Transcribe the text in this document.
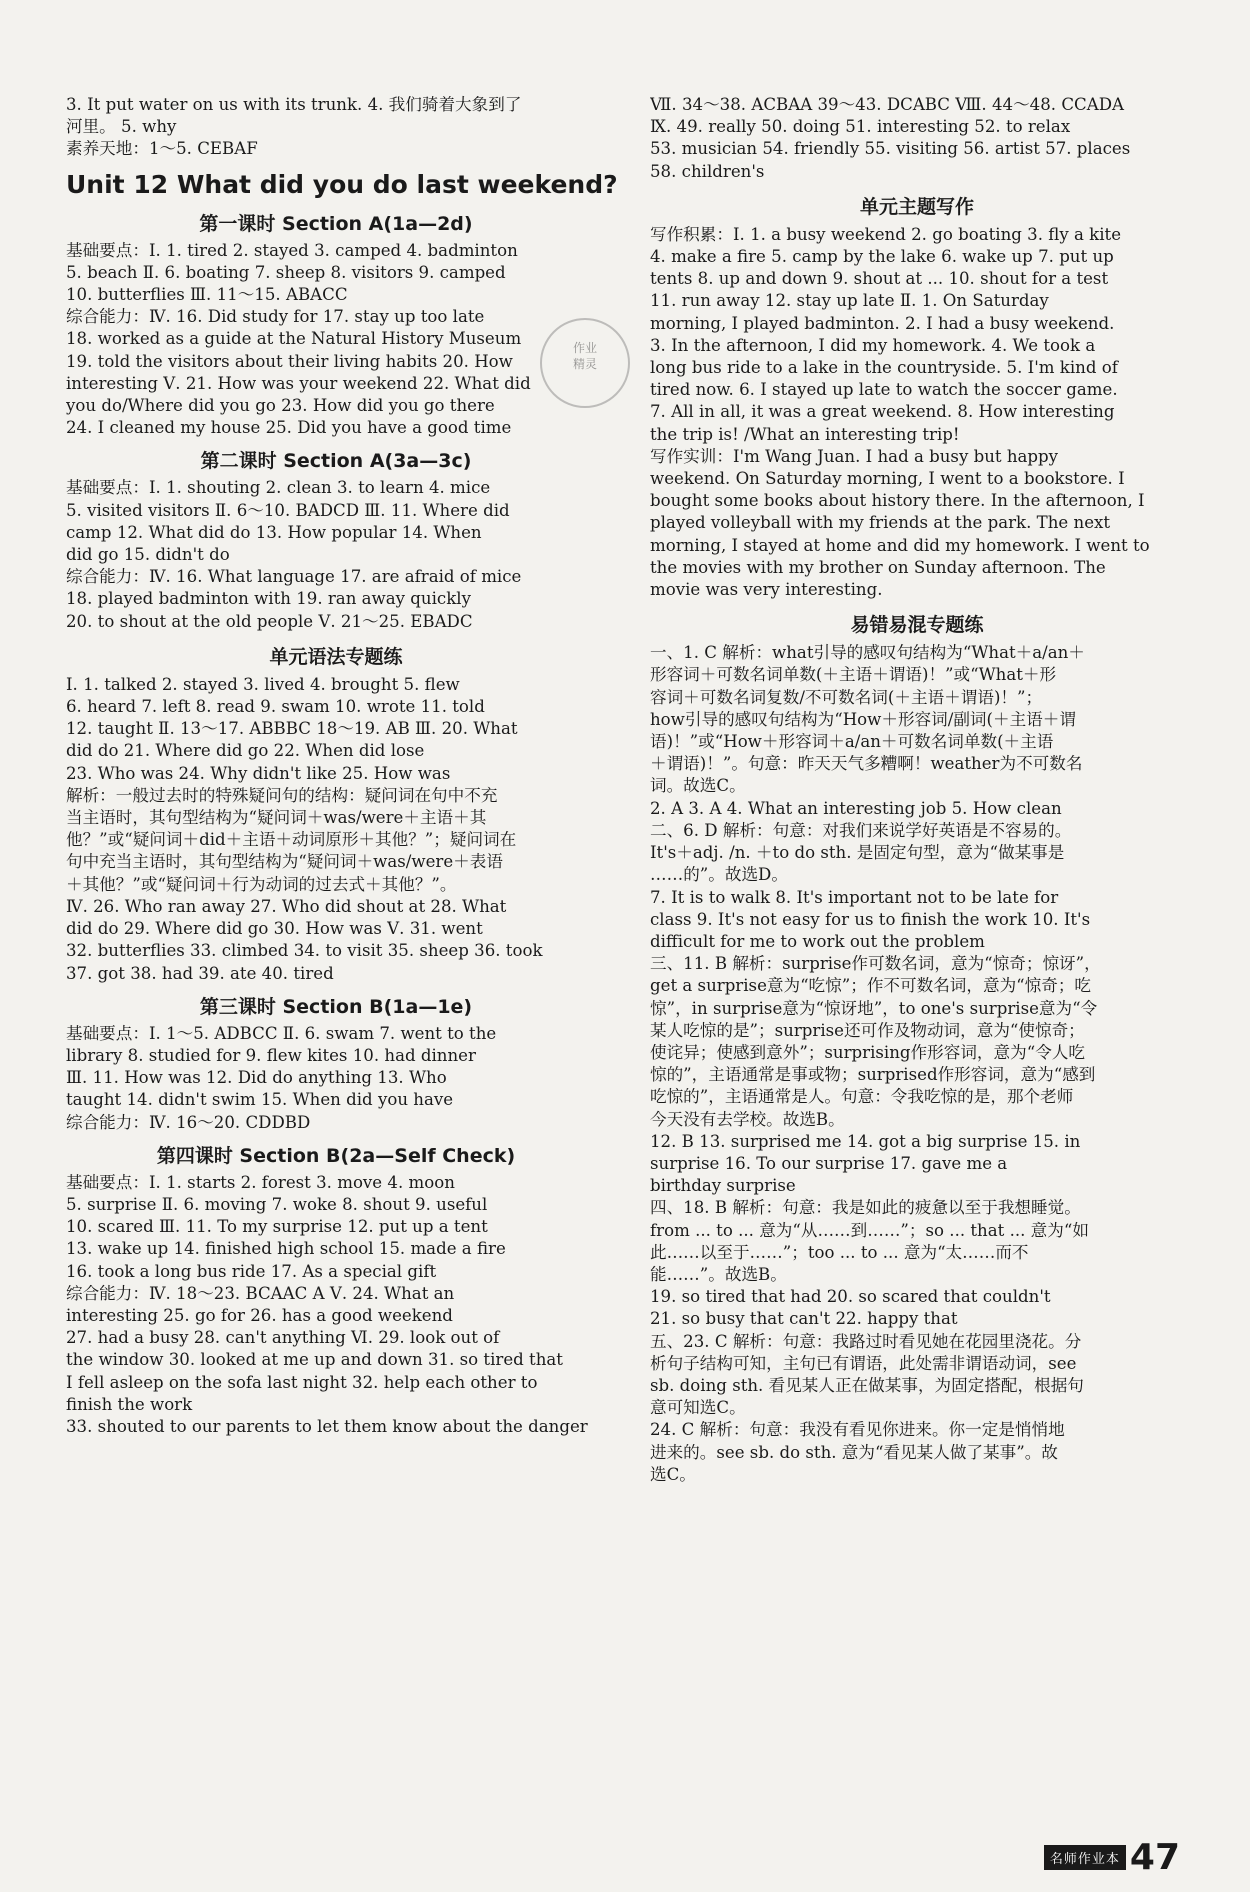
3. It put water on us with its trunk. 4. 我们骑着大象到了
河里。 5. why
素养天地：1～5. CEBAF
Unit 12 What did you do last weekend?
第一课时 Section A(1a—2d)
基础要点：Ⅰ. 1. tired 2. stayed 3. camped 4. badminton
5. beach Ⅱ. 6. boating 7. sheep 8. visitors 9. camped
10. butterflies Ⅲ. 11～15. ABACC
综合能力：Ⅳ. 16. Did study for 17. stay up too late
18. worked as a guide at the Natural History Museum
19. told the visitors about their living habits 20. How
interesting Ⅴ. 21. How was your weekend 22. What did
you do/Where did you go 23. How did you go there
24. I cleaned my house 25. Did you have a good time
第二课时 Section A(3a—3c)
基础要点：Ⅰ. 1. shouting 2. clean 3. to learn 4. mice
5. visited visitors Ⅱ. 6～10. BADCD Ⅲ. 11. Where did
camp 12. What did do 13. How popular 14. When
did go 15. didn't do
综合能力：Ⅳ. 16. What language 17. are afraid of mice
18. played badminton with 19. ran away quickly
20. to shout at the old people Ⅴ. 21～25. EBADC
单元语法专题练
Ⅰ. 1. talked 2. stayed 3. lived 4. brought 5. flew
6. heard 7. left 8. read 9. swam 10. wrote 11. told
12. taught Ⅱ. 13～17. ABBBC 18～19. AB Ⅲ. 20. What
did do 21. Where did go 22. When did lose
23. Who was 24. Why didn't like 25. How was
解析：一般过去时的特殊疑问句的结构：疑问词在句中不充
当主语时，其句型结构为“疑问词＋was/were＋主语＋其
他？”或“疑问词＋did＋主语＋动词原形＋其他？”；疑问词在
句中充当主语时，其句型结构为“疑问词＋was/were＋表语
＋其他？”或“疑问词＋行为动词的过去式＋其他？”。
Ⅳ. 26. Who ran away 27. Who did shout at 28. What
did do 29. Where did go 30. How was Ⅴ. 31. went
32. butterflies 33. climbed 34. to visit 35. sheep 36. took
37. got 38. had 39. ate 40. tired
第三课时 Section B(1a—1e)
基础要点：Ⅰ. 1～5. ADBCC Ⅱ. 6. swam 7. went to the
library 8. studied for 9. flew kites 10. had dinner
Ⅲ. 11. How was 12. Did do anything 13. Who
taught 14. didn't swim 15. When did you have
综合能力：Ⅳ. 16～20. CDDBD
第四课时 Section B(2a—Self Check)
基础要点：Ⅰ. 1. starts 2. forest 3. move 4. moon
5. surprise Ⅱ. 6. moving 7. woke 8. shout 9. useful
10. scared Ⅲ. 11. To my surprise 12. put up a tent
13. wake up 14. finished high school 15. made a fire
16. took a long bus ride 17. As a special gift
综合能力：Ⅳ. 18～23. BCAAC A Ⅴ. 24. What an
interesting 25. go for 26. has a good weekend
27. had a busy 28. can't anything Ⅵ. 29. look out of
the window 30. looked at me up and down 31. so tired that
I fell asleep on the sofa last night 32. help each other to
finish the work
33. shouted to our parents to let them know about the danger
Ⅶ. 34～38. ACBAA 39～43. DCABC Ⅷ. 44～48. CCADA
Ⅸ. 49. really 50. doing 51. interesting 52. to relax
53. musician 54. friendly 55. visiting 56. artist 57. places
58. children's
单元主题写作
写作积累：Ⅰ. 1. a busy weekend 2. go boating 3. fly a kite
4. make a fire 5. camp by the lake 6. wake up 7. put up
tents 8. up and down 9. shout at ... 10. shout for a test
11. run away 12. stay up late Ⅱ. 1. On Saturday
morning, I played badminton. 2. I had a busy weekend.
3. In the afternoon, I did my homework. 4. We took a
long bus ride to a lake in the countryside. 5. I'm kind of
tired now. 6. I stayed up late to watch the soccer game.
7. All in all, it was a great weekend. 8. How interesting
the trip is! /What an interesting trip!
写作实训：I'm Wang Juan. I had a busy but happy
weekend. On Saturday morning, I went to a bookstore. I
bought some books about history there. In the afternoon, I
played volleyball with my friends at the park. The next
morning, I stayed at home and did my homework. I went to
the movies with my brother on Sunday afternoon. The
movie was very interesting.
易错易混专题练
一、1. C 解析：what引导的感叹句结构为“What＋a/an＋
形容词＋可数名词单数(＋主语＋谓语)！”或“What＋形
容词＋可数名词复数/不可数名词(＋主语＋谓语)！”；
how引导的感叹句结构为“How＋形容词/副词(＋主语＋谓
语)！”或“How＋形容词＋a/an＋可数名词单数(＋主语
＋谓语)！”。句意：昨天天气多糟啊！weather为不可数名
词。故选C。
2. A 3. A 4. What an interesting job 5. How clean
二、6. D 解析：句意：对我们来说学好英语是不容易的。
It's＋adj. /n. ＋to do sth. 是固定句型，意为“做某事是
……的”。故选D。
7. It is to walk 8. It's important not to be late for
class 9. It's not easy for us to finish the work 10. It's
difficult for me to work out the problem
三、11. B 解析：surprise作可数名词，意为“惊奇；惊讶”，
get a surprise意为“吃惊”；作不可数名词，意为“惊奇；吃
惊”，in surprise意为“惊讶地”，to one's surprise意为“令
某人吃惊的是”；surprise还可作及物动词，意为“使惊奇；
使诧异；使感到意外”；surprising作形容词，意为“令人吃
惊的”，主语通常是事或物；surprised作形容词，意为“感到
吃惊的”，主语通常是人。句意：令我吃惊的是，那个老师
今天没有去学校。故选B。
12. B 13. surprised me 14. got a big surprise 15. in
surprise 16. To our surprise 17. gave me a
birthday surprise
四、18. B 解析：句意：我是如此的疲惫以至于我想睡觉。
from ... to ... 意为“从……到……”；so ... that ... 意为“如
此……以至于……”；too ... to ... 意为“太……而不
能……”。故选B。
19. so tired that had 20. so scared that couldn't
21. so busy that can't 22. happy that
五、23. C 解析：句意：我路过时看见她在花园里浇花。分
析句子结构可知，主句已有谓语，此处需非谓语动词，see
sb. doing sth. 看见某人正在做某事，为固定搭配，根据句
意可知选C。
24. C 解析：句意：我没有看见你进来。你一定是悄悄地
进来的。see sb. do sth. 意为“看见某人做了某事”。故
选C。
作业
精灵
名师作业本 47
